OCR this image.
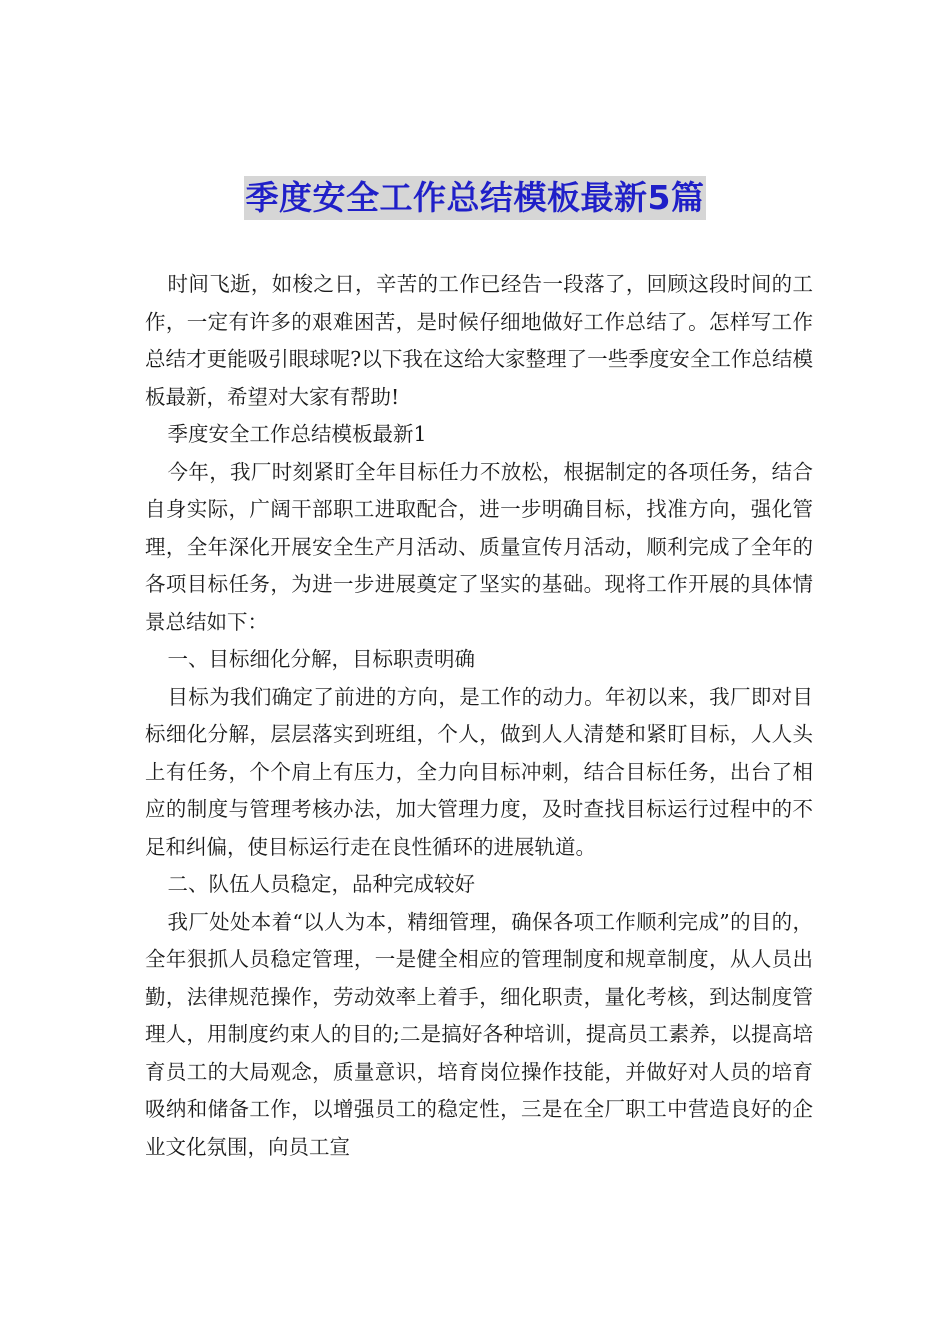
季度安全工作总结模板最新5篇

时间飞逝，如梭之日，辛苦的工作已经告一段落了，回顾这段时间的工作，一定有许多的艰难困苦，是时候仔细地做好工作总结了。怎样写工作总结才更能吸引眼球呢?以下我在这给大家整理了一些季度安全工作总结模板最新，希望对大家有帮助!

季度安全工作总结模板最新1

今年，我厂时刻紧盯全年目标任力不放松，根据制定的各项任务，结合自身实际，广阔干部职工进取配合，进一步明确目标，找准方向，强化管理，全年深化开展安全生产月活动、质量宣传月活动，顺利完成了全年的各项目标任务，为进一步进展奠定了坚实的基础。现将工作开展的具体情景总结如下：

一、目标细化分解，目标职责明确

目标为我们确定了前进的方向，是工作的动力。年初以来，我厂即对目标细化分解，层层落实到班组，个人，做到人人清楚和紧盯目标，人人头上有任务，个个肩上有压力，全力向目标冲刺，结合目标任务，出台了相应的制度与管理考核办法，加大管理力度，及时查找目标运行过程中的不足和纠偏，使目标运行走在良性循环的进展轨道。

二、队伍人员稳定，品种完成较好

我厂处处本着“以人为本，精细管理，确保各项工作顺利完成”的目的，全年狠抓人员稳定管理，一是健全相应的管理制度和规章制度，从人员出勤，法律规范操作，劳动效率上着手，细化职责，量化考核，到达制度管理人，用制度约束人的目的;二是搞好各种培训，提高员工素养，以提高培育员工的大局观念，质量意识，培育岗位操作技能，并做好对人员的培育吸纳和储备工作，以增强员工的稳定性，三是在全厂职工中营造良好的企业文化氛围，向员工宣
